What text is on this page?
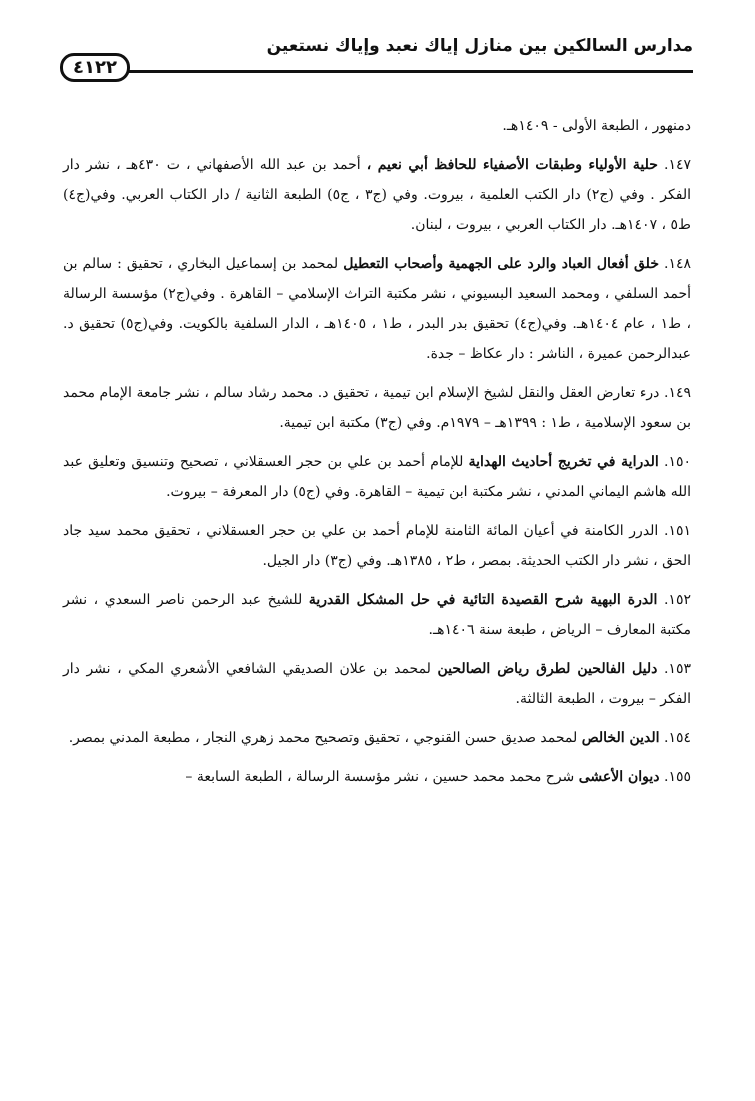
مدارس السالكين بين منازل إياك نعبد وإياك نستعين
٤١٢٢

دمنهور ، الطبعة الأولى - ١٤٠٩هـ.

١٤٧. حلية الأولياء وطبقات الأصفياء للحافظ أبي نعيم ، أحمد بن عبد الله الأصفهاني ، ت ٤٣٠هـ ، نشر دار الفكر . وفي (ج٢) دار الكتب العلمية ، بيروت. وفي (ج٣ ، ج٥) الطبعة الثانية / دار الكتاب العربي. وفي(ج٤) ط٥ ، ١٤٠٧هـ. دار الكتاب العربي ، بيروت ، لبنان.

١٤٨. خلق أفعال العباد والرد على الجهمية وأصحاب التعطيل لمحمد بن إسماعيل البخاري ، تحقيق : سالم بن أحمد السلفي ، ومحمد السعيد البسيوني ، نشر مكتبة التراث الإسلامي – القاهرة . وفي(ج٢) مؤسسة الرسالة ، ط١ ، عام ١٤٠٤هـ. وفي(ج٤) تحقيق بدر البدر ، ط١ ، ١٤٠٥هـ ، الدار السلفية بالكويت. وفي(ج٥) تحقيق د. عبدالرحمن عميرة ، الناشر : دار عكاظ – جدة.

١٤٩. درء تعارض العقل والنقل لشيخ الإسلام ابن تيمية ، تحقيق د. محمد رشاد سالم ، نشر جامعة الإمام محمد بن سعود الإسلامية ، ط١ : ١٣٩٩هـ – ١٩٧٩م. وفي (ج٣) مكتبة ابن تيمية.

١٥٠. الدراية في تخريج أحاديث الهداية للإمام أحمد بن علي بن حجر العسقلاني ، تصحيح وتنسيق وتعليق عبد الله هاشم اليماني المدني ، نشر مكتبة ابن تيمية – القاهرة. وفي (ج٥) دار المعرفة – بيروت.

١٥١. الدرر الكامنة في أعيان المائة الثامنة للإمام أحمد بن علي بن حجر العسقلاني ، تحقيق محمد سيد جاد الحق ، نشر دار الكتب الحديثة. بمصر ، ط٢ ، ١٣٨٥هـ. وفي (ج٣) دار الجيل.

١٥٢. الدرة البهية شرح القصيدة التائية في حل المشكل القدرية للشيخ عبد الرحمن ناصر السعدي ، نشر مكتبة المعارف – الرياض ، طبعة سنة ١٤٠٦هـ.

١٥٣. دليل الفالحين لطرق رياض الصالحين لمحمد بن علان الصديقي الشافعي الأشعري المكي ، نشر دار الفكر – بيروت ، الطبعة الثالثة.

١٥٤. الدين الخالص لمحمد صديق حسن القنوجي ، تحقيق وتصحيح محمد زهري النجار ، مطبعة المدني بمصر.

١٥٥. ديوان الأعشى شرح محمد محمد حسين ، نشر مؤسسة الرسالة ، الطبعة السابعة –
